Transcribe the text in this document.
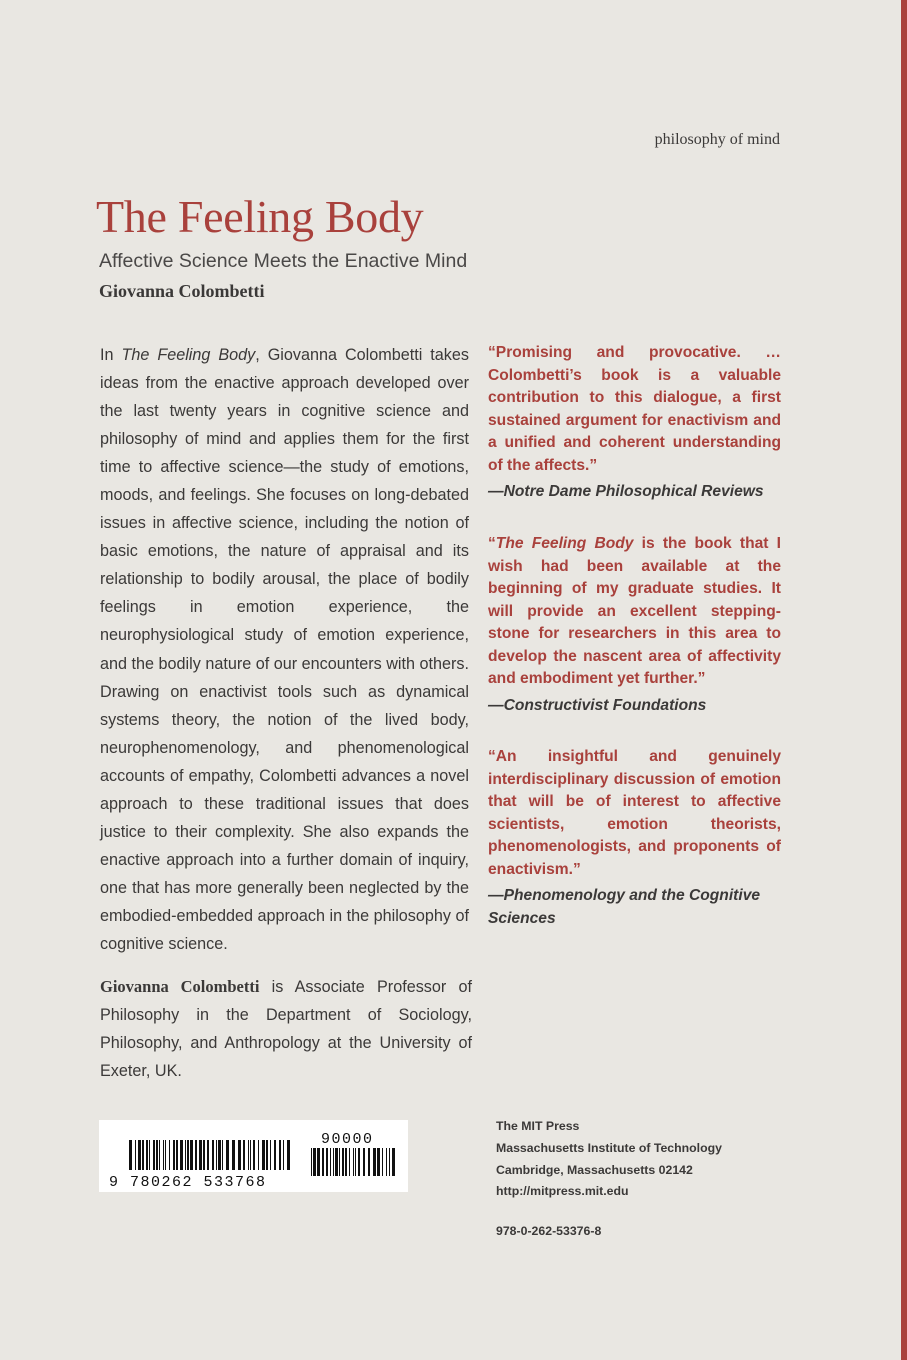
philosophy of mind
The Feeling Body
Affective Science Meets the Enactive Mind
Giovanna Colombetti

In The Feeling Body, Giovanna Colombetti takes ideas from the enactive approach developed over the last twenty years in cognitive science and philosophy of mind and applies them for the first time to affective science—the study of emotions, moods, and feelings. She focuses on long-debated issues in affective science, including the notion of basic emotions, the nature of appraisal and its relationship to bodily arousal, the place of bodily feelings in emotion experience, the neurophysiological study of emotion experience, and the bodily nature of our encounters with others. Drawing on enactivist tools such as dynamical systems theory, the notion of the lived body, neurophenomenology, and phenomenological accounts of empathy, Colombetti advances a novel approach to these traditional issues that does justice to their complexity. She also expands the enactive approach into a further domain of inquiry, one that has more generally been neglected by the embodied-embedded approach in the philosophy of cognitive science.

Giovanna Colombetti is Associate Professor of Philosophy in the Department of Sociology, Philosophy, and Anthropology at the University of Exeter, UK.

“Promising and provocative. … Colombetti’s book is a valuable contribution to this dialogue, a first sustained argument for enactivism and a unified and coherent understanding of the affects.”

—Notre Dame Philosophical Reviews

“The Feeling Body is the book that I wish had been available at the beginning of my graduate studies. It will provide an excellent stepping-stone for researchers in this area to develop the nascent area of affectivity and embodiment yet further.”

—Constructivist Foundations

“An insightful and genuinely interdisciplinary discussion of emotion that will be of interest to affective scientists, emotion theorists, phenomenologists, and proponents of enactivism.”

—Phenomenology and the Cognitive Sciences

9 780262 533768
90000
The MIT Press
Massachusetts Institute of Technology
Cambridge, Massachusetts 02142
http://mitpress.mit.edu
978-0-262-53376-8
